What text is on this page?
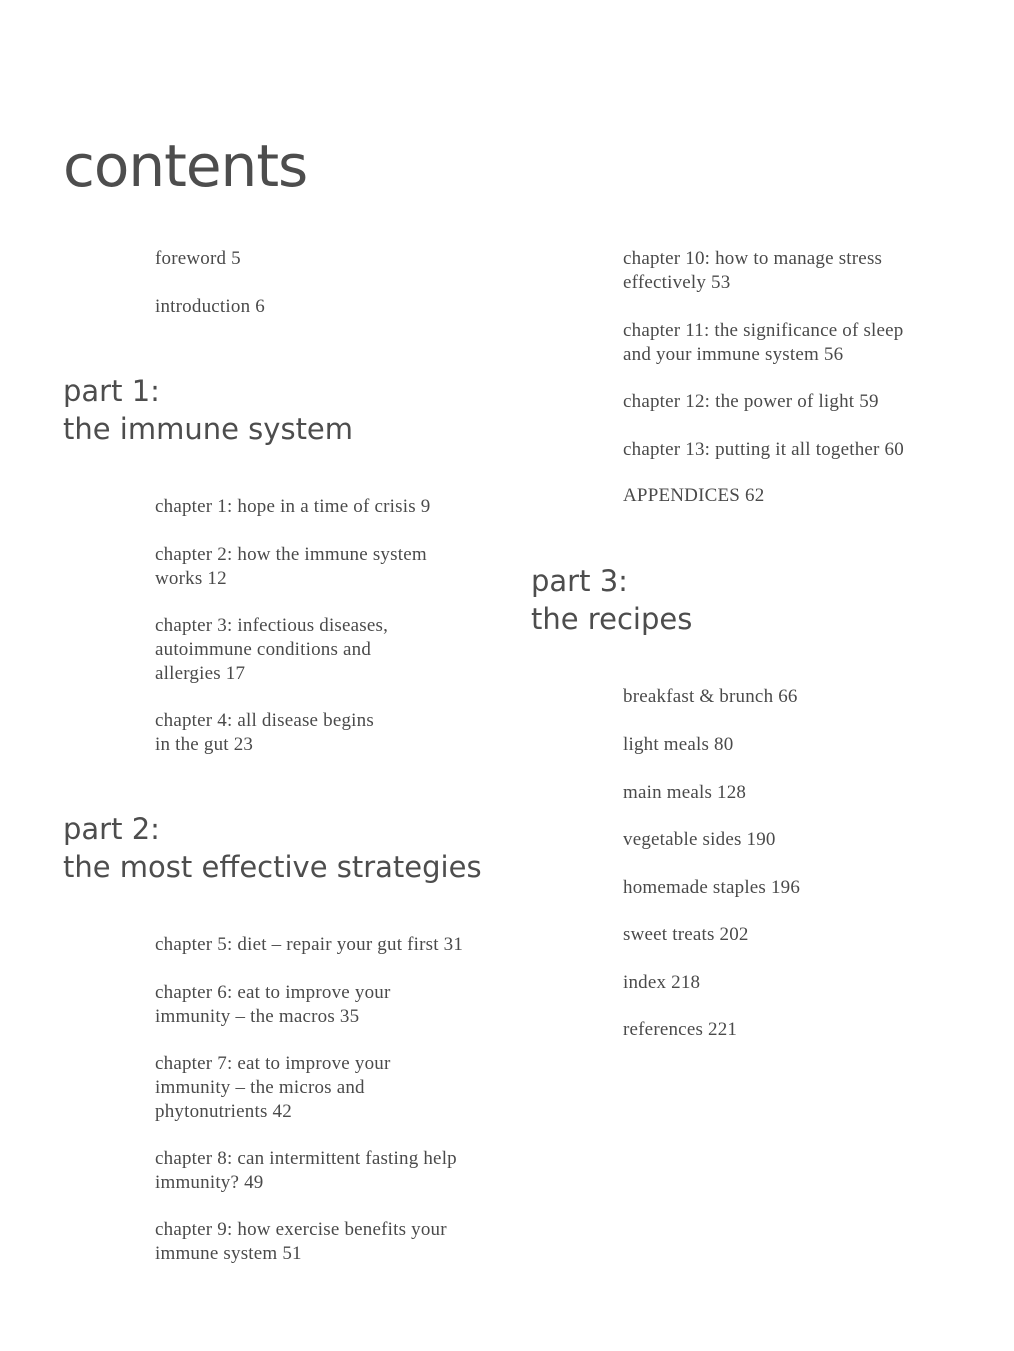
contents
foreword 5
introduction 6
part 1:
the immune system
chapter 1: hope in a time of crisis 9
chapter 2: how the immune system
works 12
chapter 3: infectious diseases,
autoimmune conditions and
allergies 17
chapter 4: all disease begins
in the gut 23
part 2:
the most effective strategies
chapter 5: diet – repair your gut first 31
chapter 6: eat to improve your
immunity – the macros 35
chapter 7: eat to improve your
immunity – the micros and
phytonutrients 42
chapter 8: can intermittent fasting help
immunity? 49
chapter 9: how exercise benefits your
immune system 51
chapter 10: how to manage stress
effectively 53
chapter 11: the significance of sleep
and your immune system 56
chapter 12: the power of light 59
chapter 13: putting it all together 60
APPENDICES 62
part 3:
the recipes
breakfast & brunch 66
light meals 80
main meals 128
vegetable sides 190
homemade staples 196
sweet treats 202
index 218
references 221
